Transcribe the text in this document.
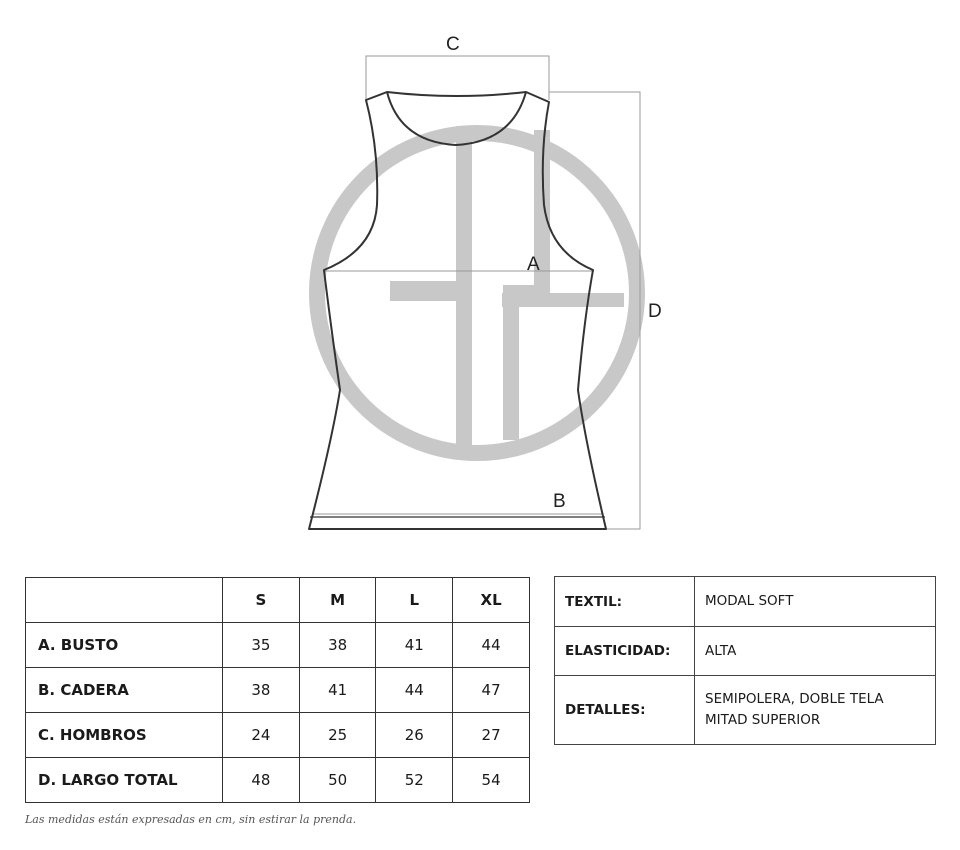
C
D
A
B
	S	M	L	XL
A. BUSTO	35	38	41	44
B. CADERA	38	41	44	47
C. HOMBROS	24	25	26	27
D. LARGO TOTAL	48	50	52	54
TEXTIL:	MODAL SOFT
ELASTICIDAD:	ALTA
DETALLES:	SEMIPOLERA, DOBLE TELA MITAD SUPERIOR
Las medidas están expresadas en cm, sin estirar la prenda.
